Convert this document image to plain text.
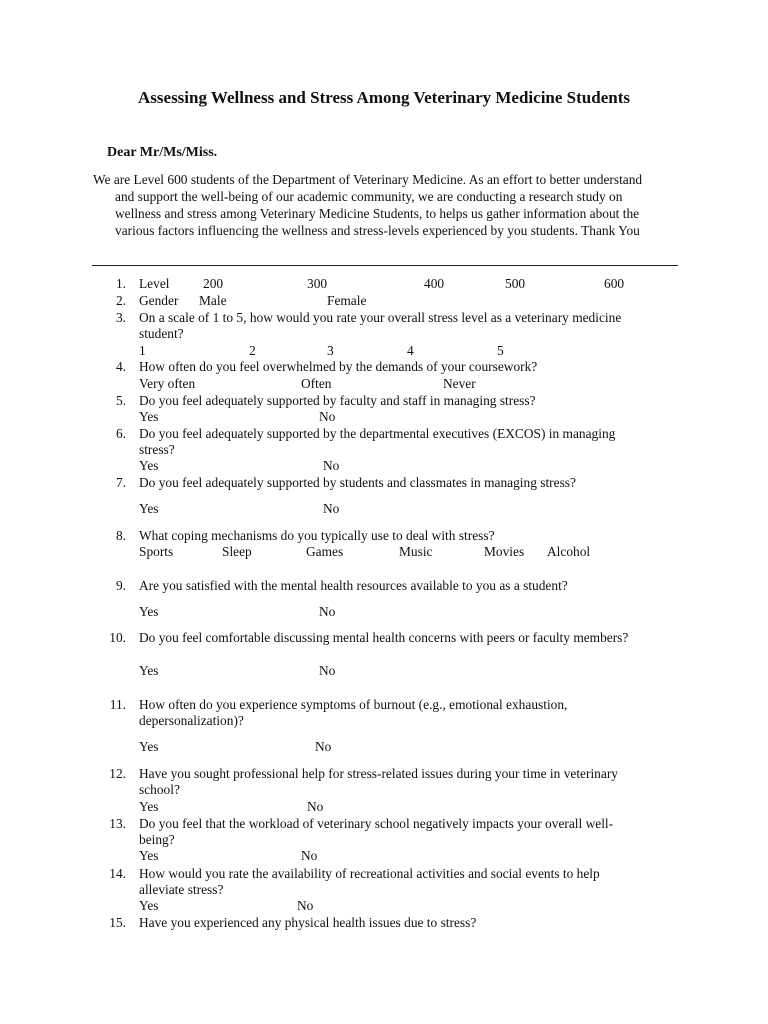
Assessing Wellness and Stress Among Veterinary Medicine Students
Dear Mr/Ms/Miss.
We are Level 600 students of the Department of Veterinary Medicine. As an effort to better understand
and support the well-being of our academic community, we are conducting a research study on
wellness and stress among Veterinary Medicine Students, to helps us gather information about the
various factors influencing the wellness and stress-levels experienced by you students. Thank You
1. Level	200	300	400	500	600
2. Gender Male	Female
3. On a scale of 1 to 5, how would you rate your overall stress level as a veterinary medicine
student?
1	2	3	4	5
4. How often do you feel overwhelmed by the demands of your coursework?
Very often	Often	Never
5. Do you feel adequately supported by faculty and staff in managing stress?
Yes	No
6. Do you feel adequately supported by the departmental executives (EXCOS) in managing
stress?
Yes	No
7. Do you feel adequately supported by students and classmates in managing stress?
Yes	No
8. What coping mechanisms do you typically use to deal with stress?
Sports	Sleep	Games	Music	Movies Alcohol
9. Are you satisfied with the mental health resources available to you as a student?
Yes	No
10. Do you feel comfortable discussing mental health concerns with peers or faculty members?
Yes	No
11. How often do you experience symptoms of burnout (e.g., emotional exhaustion,
depersonalization)?
Yes	No
12. Have you sought professional help for stress-related issues during your time in veterinary
school?
Yes	No
13. Do you feel that the workload of veterinary school negatively impacts your overall well-
being?
Yes	No
14. How would you rate the availability of recreational activities and social events to help
alleviate stress?
Yes	No
15. Have you experienced any physical health issues due to stress?
